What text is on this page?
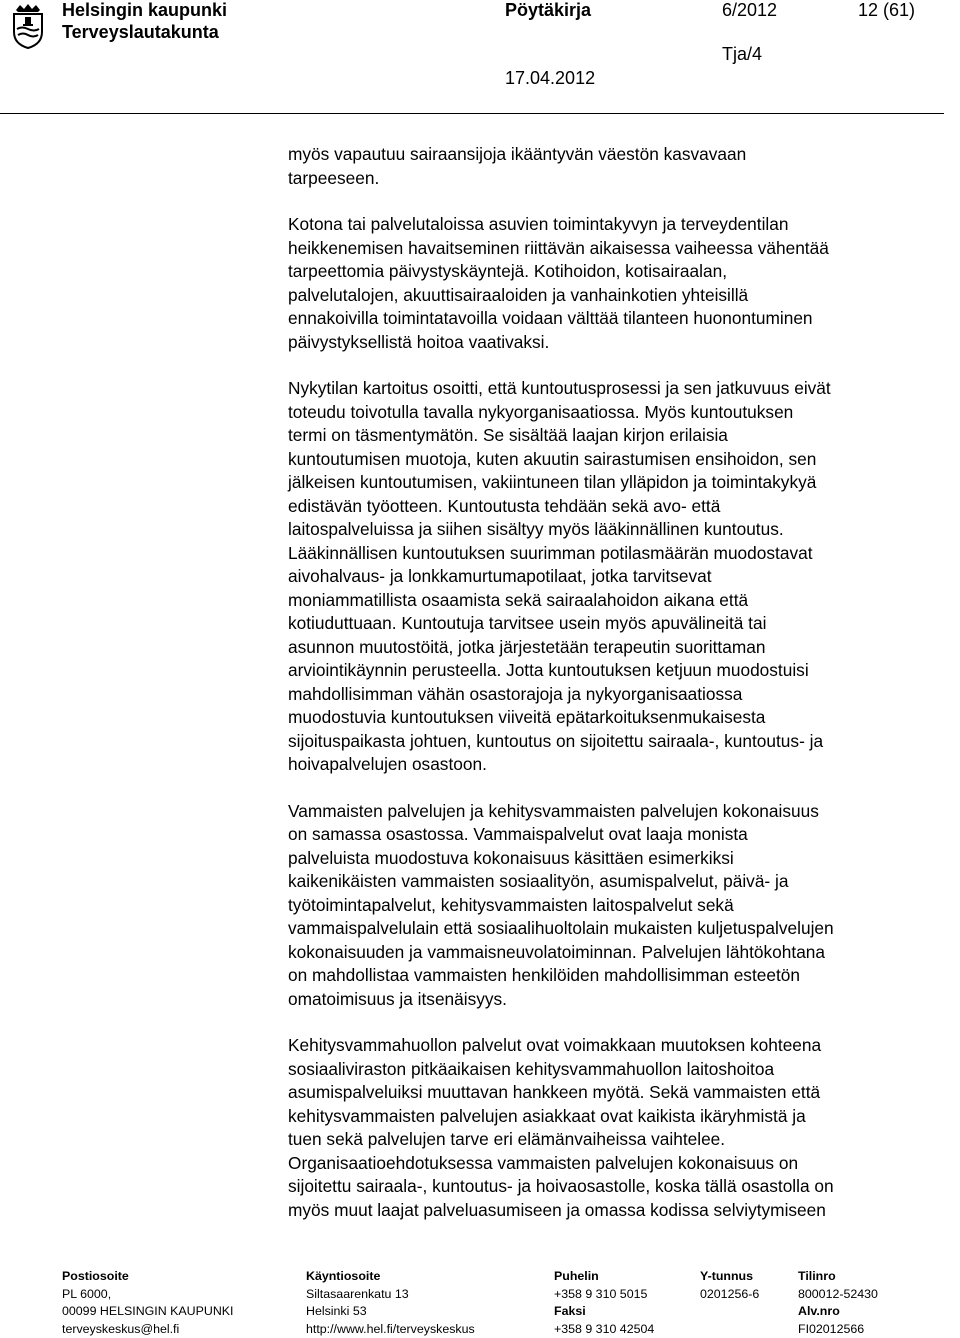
Helsingin kaupunki
Terveyslautakunta
Pöytäkirja	6/2012	12 (61)
Tja/4
17.04.2012
myös vapautuu sairaansijoja ikääntyvän väestön kasvavaan
tarpeeseen.
Kotona tai palvelutaloissa asuvien toimintakyvyn ja terveydentilan
heikkenemisen havaitseminen riittävän aikaisessa vaiheessa vähentää
tarpeettomia päivystyskäyntejä. Kotihoidon, kotisairaalan,
palvelutalojen, akuuttisairaaloiden ja vanhainkotien yhteisillä
ennakoivilla toimintatavoilla voidaan välttää tilanteen huonontuminen
päivystyksellistä hoitoa vaativaksi.
Nykytilan kartoitus osoitti, että kuntoutusprosessi ja sen jatkuvuus eivät
toteudu toivotulla tavalla nykyorganisaatiossa. Myös kuntoutuksen
termi on täsmentymätön. Se sisältää laajan kirjon erilaisia
kuntoutumisen muotoja, kuten akuutin sairastumisen ensihoidon, sen
jälkeisen kuntoutumisen, vakiintuneen tilan ylläpidon ja toimintakykyä
edistävän työotteen. Kuntoutusta tehdään sekä avo- että
laitospalveluissa ja siihen sisältyy myös lääkinnällinen kuntoutus.
Lääkinnällisen kuntoutuksen suurimman potilasmäärän muodostavat
aivohalvaus- ja lonkkamurtumapotilaat, jotka tarvitsevat
moniammatillista osaamista sekä sairaalahoidon aikana että
kotiuduttuaan. Kuntoutuja tarvitsee usein myös apuvälineitä tai
asunnon muutostöitä, jotka järjestetään terapeutin suorittaman
arviointikäynnin perusteella. Jotta kuntoutuksen ketjuun muodostuisi
mahdollisimman vähän osastorajoja ja nykyorganisaatiossa
muodostuvia kuntoutuksen viiveitä epätarkoituksenmukaisesta
sijoituspaikasta johtuen, kuntoutus on sijoitettu sairaala-, kuntoutus- ja
hoivapalvelujen osastoon.
Vammaisten palvelujen ja kehitysvammaisten palvelujen kokonaisuus
on samassa osastossa. Vammaispalvelut ovat laaja monista
palveluista muodostuva kokonaisuus käsittäen esimerkiksi
kaikenikäisten vammaisten sosiaalityön, asumispalvelut, päivä- ja
työtoimintapalvelut, kehitysvammaisten laitospalvelut sekä
vammaispalvelulain että sosiaalihuoltolain mukaisten kuljetuspalvelujen
kokonaisuuden ja vammaisneuvolatoiminnan. Palvelujen lähtökohtana
on mahdollistaa vammaisten henkilöiden mahdollisimman esteetön
omatoimisuus ja itsenäisyys.
Kehitysvammahuollon palvelut ovat voimakkaan muutoksen kohteena
sosiaaliviraston pitkäaikaisen kehitysvammahuollon laitoshoitoa
asumispalveluiksi muuttavan hankkeen myötä. Sekä vammaisten että
kehitysvammaisten palvelujen asiakkaat ovat kaikista ikäryhmistä ja
tuen sekä palvelujen tarve eri elämänvaiheissa vaihtelee.
Organisaatioehdotuksessa vammaisten palvelujen kokonaisuus on
sijoitettu sairaala-, kuntoutus- ja hoivaosastolle, koska tällä osastolla on
myös muut laajat palveluasumiseen ja omassa kodissa selviytymiseen
Postiosoite
PL 6000,
00099 HELSINGIN KAUPUNKI
terveyskeskus@hel.fi
Käyntiosoite
Siltasaarenkatu 13
Helsinki 53
http://www.hel.fi/terveyskeskus
Puhelin
+358 9 310 5015
Faksi
+358 9 310 42504
Y-tunnus
0201256-6
Tilinro
800012-52430
Alv.nro
FI02012566
